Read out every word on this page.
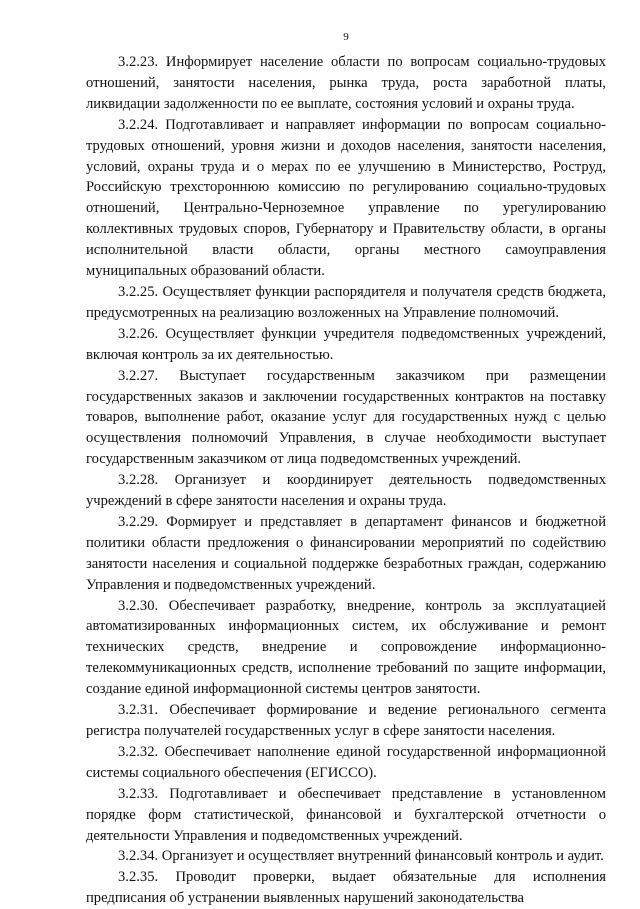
9

3.2.23. Информирует население области по вопросам социально-трудовых отношений, занятости населения, рынка труда, роста заработной платы, ликвидации задолженности по ее выплате, состояния условий и охраны труда.

3.2.24. Подготавливает и направляет информации по вопросам социально-трудовых отношений, уровня жизни и доходов населения, занятости населения, условий, охраны труда и о мерах по ее улучшению в Министерство, Роструд, Российскую трехстороннюю комиссию по регулированию социально-трудовых отношений, Центрально-Черноземное управление по урегулированию коллективных трудовых споров, Губернатору и Правительству области, в органы исполнительной власти области, органы местного самоуправления муниципальных образований области.

3.2.25. Осуществляет функции распорядителя и получателя средств бюджета, предусмотренных на реализацию возложенных на Управление полномочий.

3.2.26. Осуществляет функции учредителя подведомственных учреждений, включая контроль за их деятельностью.

3.2.27. Выступает государственным заказчиком при размещении государственных заказов и заключении государственных контрактов на поставку товаров, выполнение работ, оказание услуг для государственных нужд с целью осуществления полномочий Управления, в случае необходимости выступает государственным заказчиком от лица подведомственных учреждений.

3.2.28. Организует и координирует деятельность подведомственных учреждений в сфере занятости населения и охраны труда.

3.2.29. Формирует и представляет в департамент финансов и бюджетной политики области предложения о финансировании мероприятий по содействию занятости населения и социальной поддержке безработных граждан, содержанию Управления и подведомственных учреждений.

3.2.30. Обеспечивает разработку, внедрение, контроль за эксплуатацией автоматизированных информационных систем, их обслуживание и ремонт технических средств, внедрение и сопровождение информационно-телекоммуникационных средств, исполнение требований по защите информации, создание единой информационной системы центров занятости.

3.2.31. Обеспечивает формирование и ведение регионального сегмента регистра получателей государственных услуг в сфере занятости населения.

3.2.32. Обеспечивает наполнение единой государственной информационной системы социального обеспечения (ЕГИССО).

3.2.33. Подготавливает и обеспечивает представление в установленном порядке форм статистической, финансовой и бухгалтерской отчетности о деятельности Управления и подведомственных учреждений.

3.2.34. Организует и осуществляет внутренний финансовый контроль и аудит.

3.2.35. Проводит проверки, выдает обязательные для исполнения предписания об устранении выявленных нарушений законодательства
